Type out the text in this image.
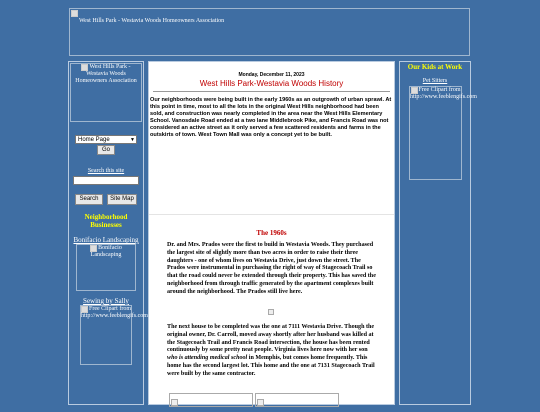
West Hills Park - Westavia Woods Homeowners Association
West Hills Park - Westavia Woods Homeowners Association
Home Page	▼
Go
Search this site
Search Site Map
Neighborhood Businesses
Bonifacio Landscaping
Bonifacio Landscaping
Sewing by Sally
Free Clipart from http://www.feeblengifs.com
Monday, December 11, 2023
West Hills Park-Westavia Woods History
Our neighborhoods were being built in the early 1960s as an outgrowth of urban sprawl. At this point in time, most to all the lots in the original West Hills neighborhood had been sold, and construction was nearly completed in the area near the West Hills Elementary School. Vanosdale Road ended at a two lane Middlebrook Pike, and Francis Road was not considered an active street as it only served a few scattered residents and farms in the outskirts of town. West Town Mall was only a concept yet to be built.
The 1960s
Dr. and Mrs. Prados were the first to build in Westavia Woods. They purchased the largest site of slightly more than two acres in order to raise their three daughters - one of whom lives on Westavia Drive, just down the street. The Prados were instrumental in purchasing the right of way of Stagecoach Trail so that the road could never be extended through their property. This has saved the neighborhood from through traffic generated by the apartment complexes built around the neighborhood. The Prados still live here.
The next house to be completed was the one at 7111 Westavia Drive. Though the original owner, Dr. Carroll, moved away shortly after her husband was killed at the Stagecoach Trail and Francis Road intersection, the house has been rented continuously by some pretty neat people. Virginia lives here now with her son who is attending medical school in Memphis, but comes home frequently. This home has the second largest lot. This home and the one at 7131 Stagecoach Trail were built by the same contractor.
Our Kids at Work
Pet Sitters
Free Clipart from http://www.feeblengifs.com
